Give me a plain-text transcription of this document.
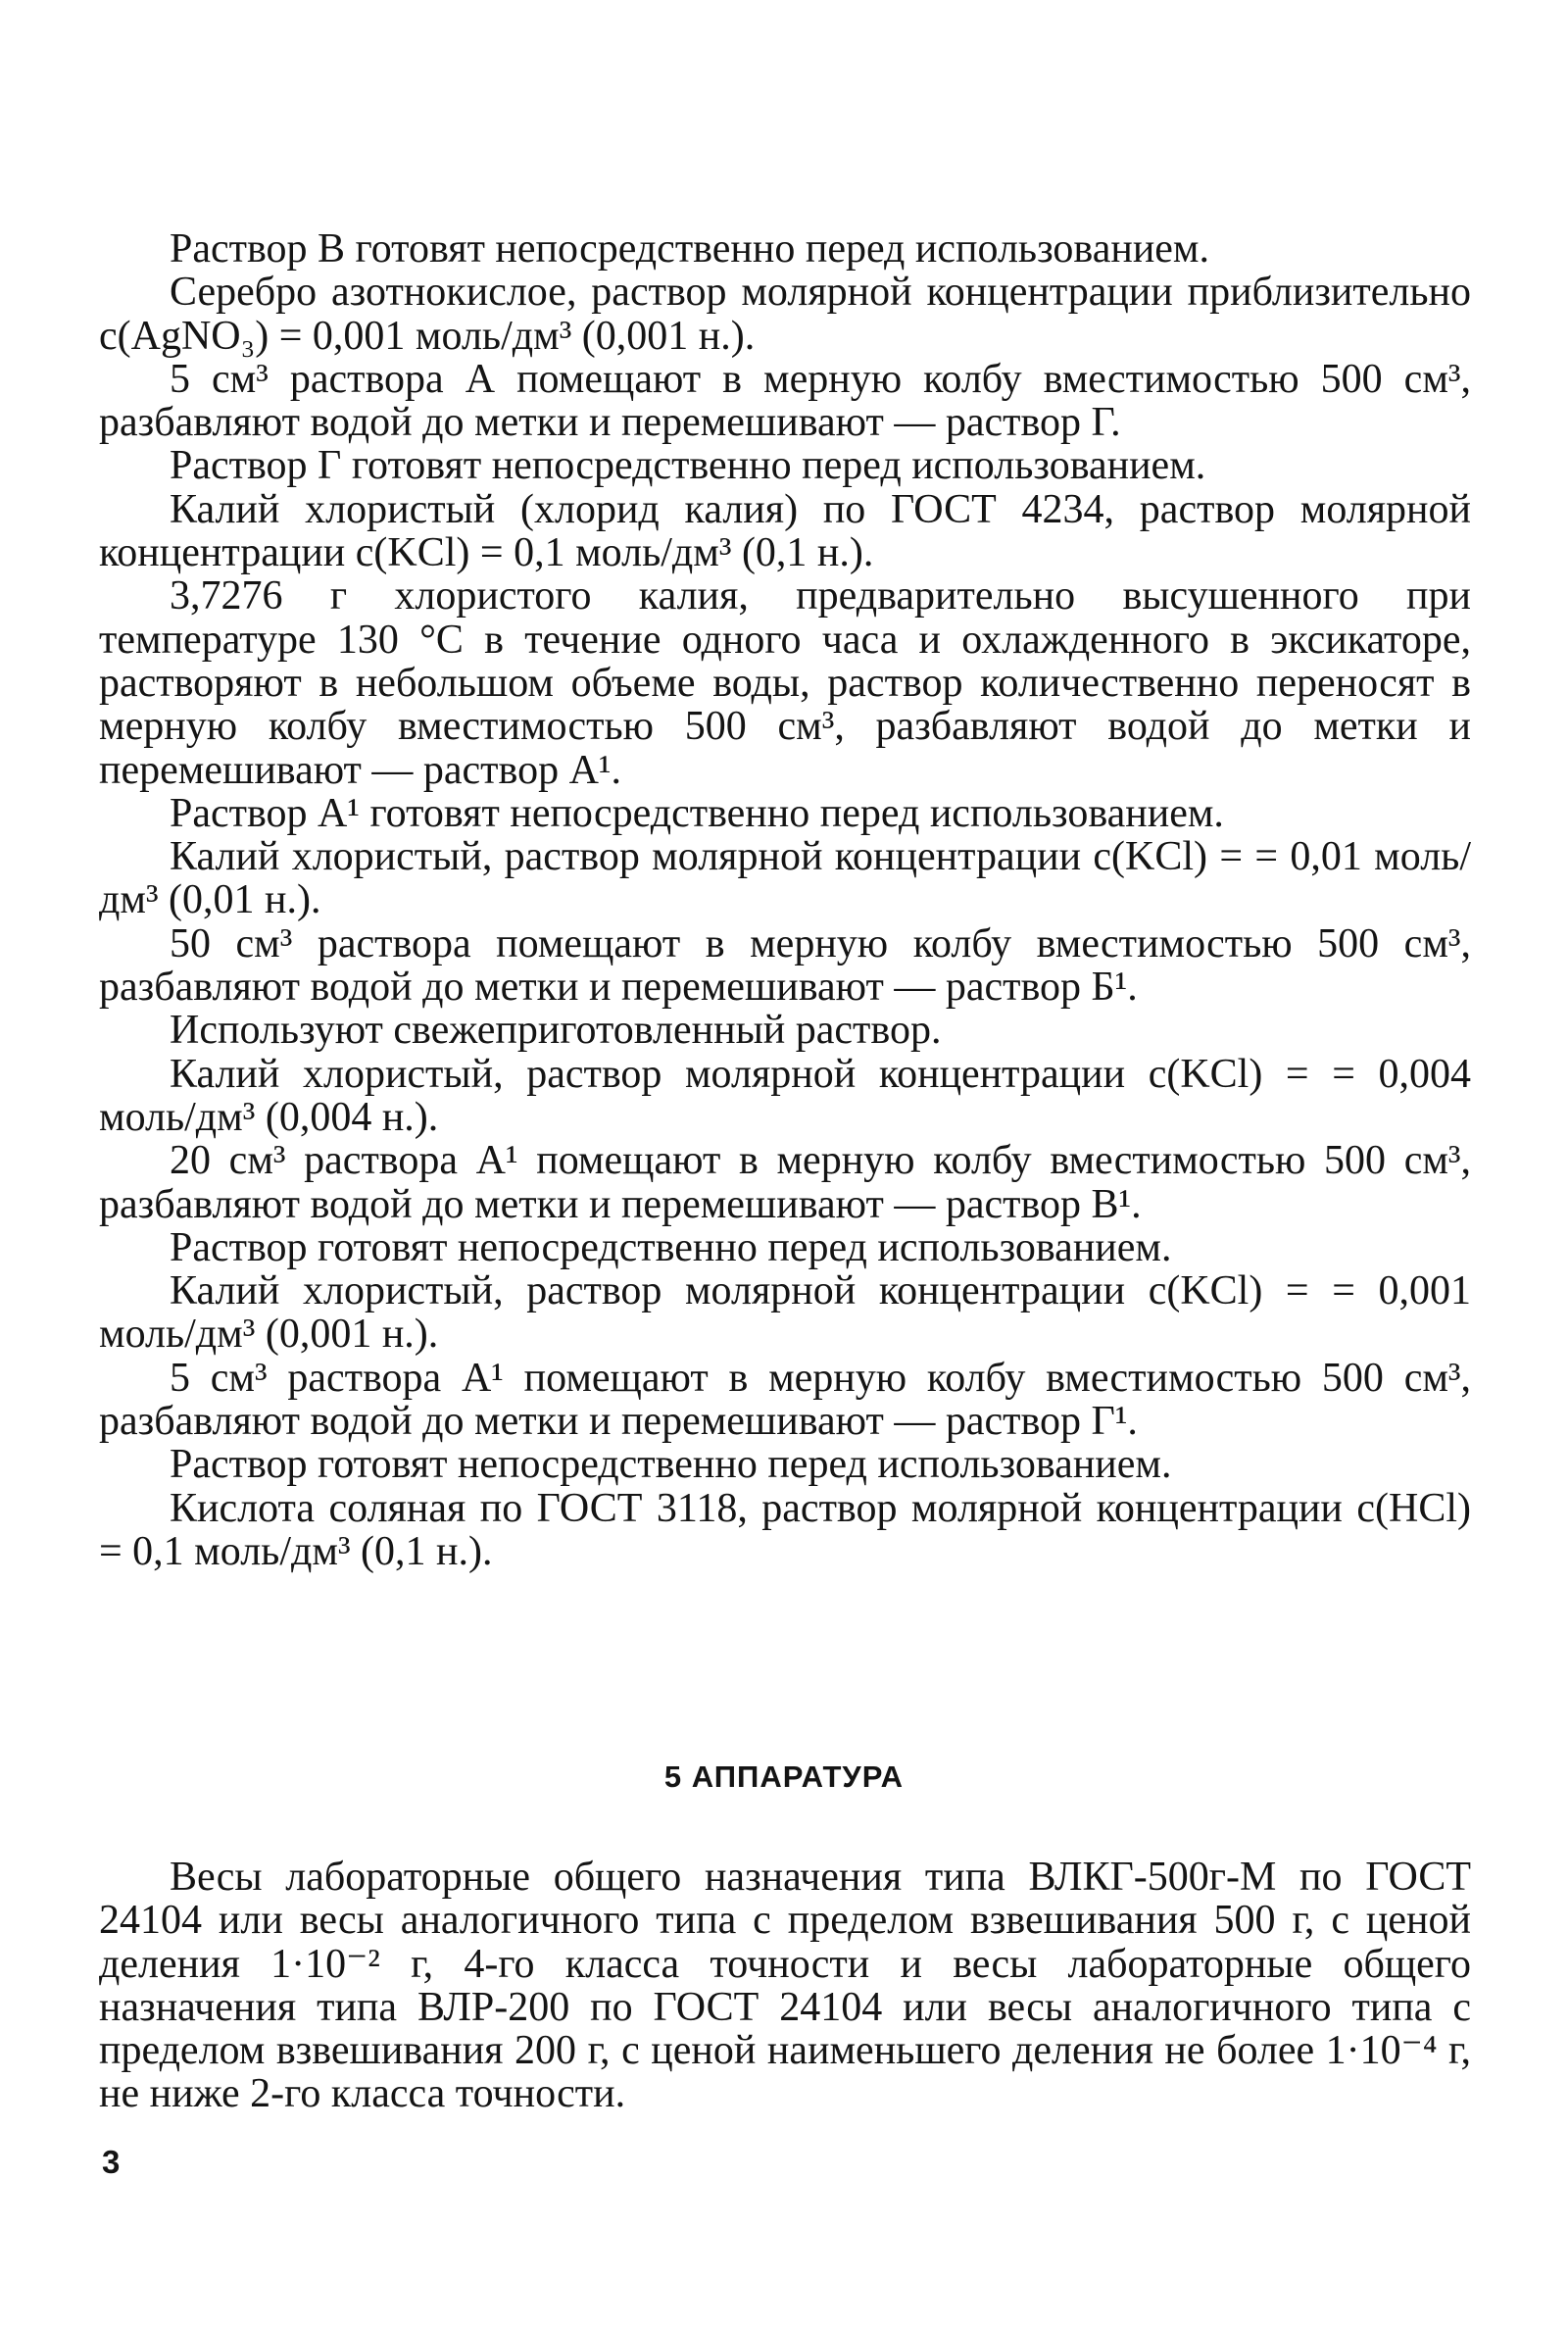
Раствор В готовят непосредственно перед использованием.

Серебро азотнокислое, раствор молярной концентрации приблизительно c(AgNO₃) = 0,001 моль/дм³ (0,001 н.).

5 см³ раствора А помещают в мерную колбу вместимостью 500 см³, разбавляют водой до метки и перемешивают — раствор Г.

Раствор Г готовят непосредственно перед использованием.

Калий хлористый (хлорид калия) по ГОСТ 4234, раствор молярной концентрации c(KCl) = 0,1 моль/дм³ (0,1 н.).

3,7276 г хлористого калия, предварительно высушенного при температуре 130 °С в течение одного часа и охлажденного в эксикаторе, растворяют в небольшом объеме воды, раствор количественно переносят в мерную колбу вместимостью 500 см³, разбавляют водой до метки и перемешивают — раствор А¹.

Раствор А¹ готовят непосредственно перед использованием.

Калий хлористый, раствор молярной концентрации c(KCl) = = 0,01 моль/дм³ (0,01 н.).

50 см³ раствора помещают в мерную колбу вместимостью 500 см³, разбавляют водой до метки и перемешивают — раствор Б¹.

Используют свежеприготовленный раствор.

Калий хлористый, раствор молярной концентрации c(KCl) = = 0,004 моль/дм³ (0,004 н.).

20 см³ раствора А¹ помещают в мерную колбу вместимостью 500 см³, разбавляют водой до метки и перемешивают — раствор В¹.

Раствор готовят непосредственно перед использованием.

Калий хлористый, раствор молярной концентрации c(KCl) = = 0,001 моль/дм³ (0,001 н.).

5 см³ раствора А¹ помещают в мерную колбу вместимостью 500 см³, разбавляют водой до метки и перемешивают — раствор Г¹.

Раствор готовят непосредственно перед использованием.

Кислота соляная по ГОСТ 3118, раствор молярной концентрации c(HCl) = 0,1 моль/дм³ (0,1 н.).

5 АППАРАТУРА

Весы лабораторные общего назначения типа ВЛКГ-500г-М по ГОСТ 24104 или весы аналогичного типа с пределом взвешивания 500 г, с ценой деления 1·10⁻² г, 4-го класса точности и весы лабораторные общего назначения типа ВЛР-200 по ГОСТ 24104 или весы аналогичного типа с пределом взвешивания 200 г, с ценой наименьшего деления не более 1·10⁻⁴ г, не ниже 2-го класса точности.

3
